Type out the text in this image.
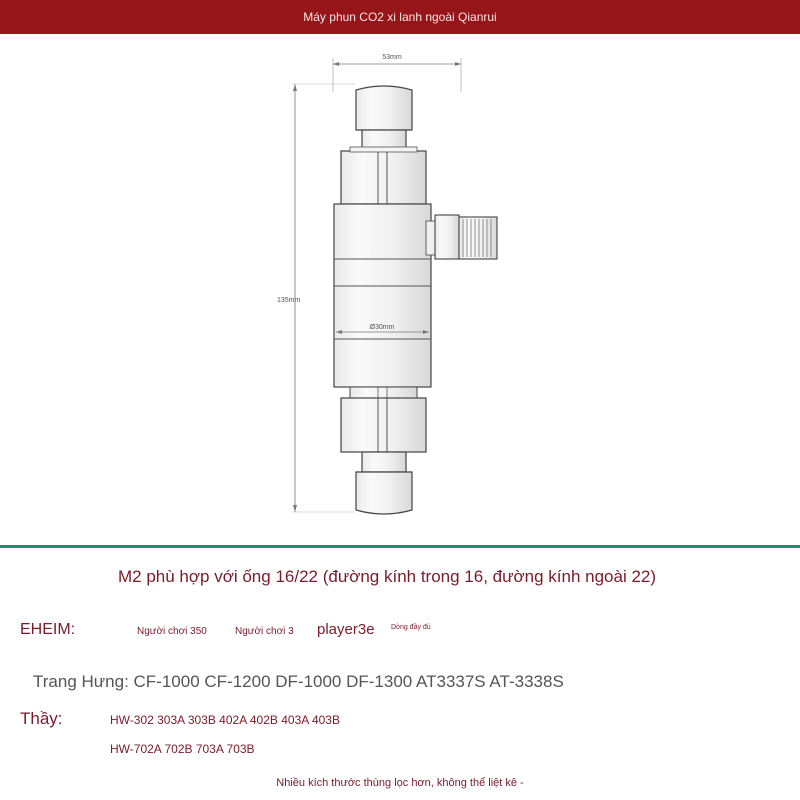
Máy phun CO2 xi lanh ngoài Qianrui
53mm
135mm
Ø30mm
M2 phù hợp với ống 16/22 (đường kính trong 16, đường kính ngoài 22)
EHEIM:	Người chơi 350	Người chơi 3 player3e Dòng đầy đủ
Trang Hưng: CF-1000 CF-1200 DF-1000 DF-1300 AT3337S AT-3338S
Thầy:	HW-302 303A 303B 402A 402B 403A 403B
HW-702A 702B 703A 703B
Nhiều kích thước thùng lọc hơn, không thể liệt kê -
